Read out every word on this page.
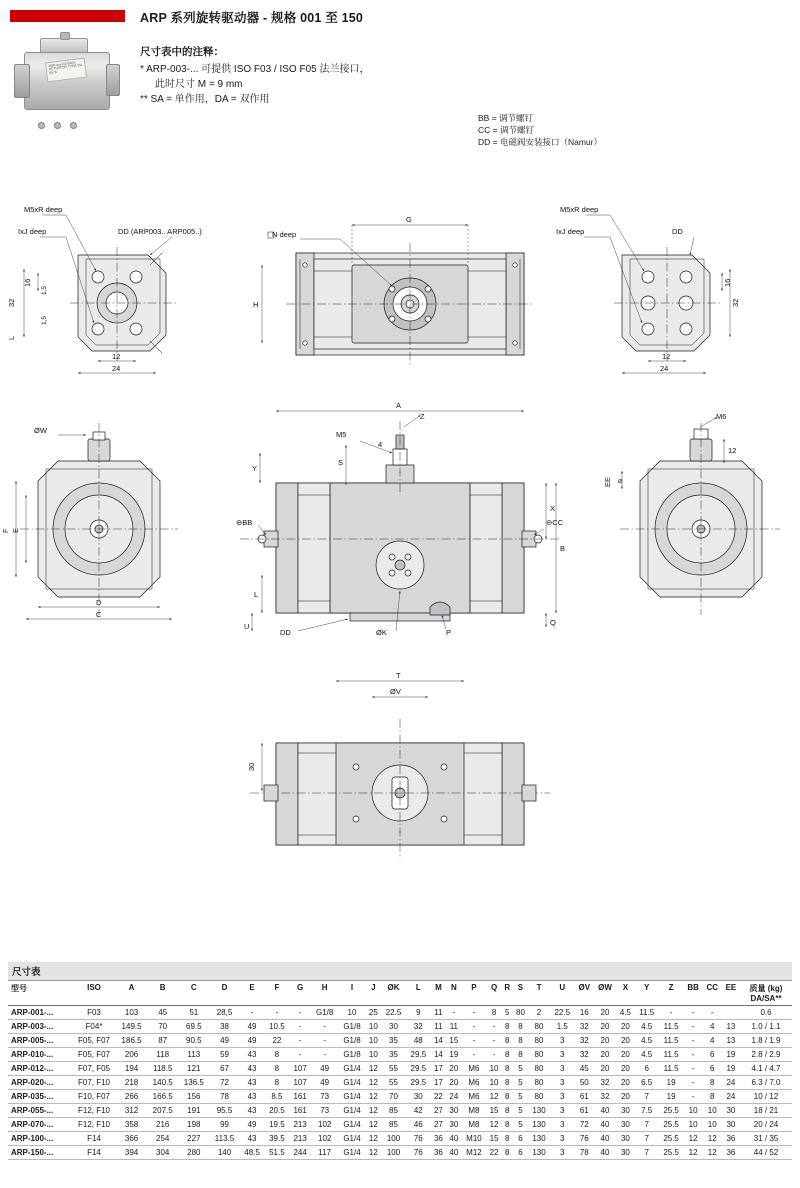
ARP-xxx ROTARY ACTUATOR TYPE DA 0579
ARP 系列旋转驱动器 - 规格 001 至 150
尺寸表中的注释：
* ARP-003-... 可提供 ISO F03 / ISO F05 法兰接口，
此时尺寸 M = 9 mm
** SA = 单作用，DA = 双作用
BB = 调节螺钉
CC = 调节螺钉
DD = 电磁阀安装接口（Namur）
M5xR deep
IxJ deep	DD (ARP003.. ARP005..)
32
16
1,5
1,5
L
12
24
G
H
N deep
M5xR deep
IxJ deep	DD
32
16
12
24
ØW
E
F
D
C
A
Z
4
S
M5
Y
X
B
Q
L
U
⊖BB	⊖CC
DD	ØK	P
M6
12
EE ⌀
T
ØV
30
尺寸表
型号	ISO	A	B	C	D	E	F	G	H	I	J	ØK	L	M	N	P	Q	R	S	T	U	ØV	ØW	X	Y	Z	BB	CC	EE	质量 (kg)
DA/SA**

ARP-001-...	F03	103	45	51	28,5	-	-	-	G1/8	10	25	22.5	9	11	-	-	8	5	80	2	22.5	16	20	4.5	11.5	-	-	-		0.6
ARP-003-...	F04*	149.5	70	69.5	38	49	10.5	-	-	G1/8	10	30	32	11	11	-	-	8	8	80	1.5	32	20	20	4.5	11.5	-	4	13	1.0 / 1.1
ARP-005-...	F05, F07	186.5	87	90.5	49	49	22	-	-	G1/8	10	35	48	14	15	-	-	8	8	80	3	32	20	20	4.5	11.5	-	4	13	1.8 / 1.9
ARP-010-...	F05, F07	206	118	113	59	43	8	-	-	G1/8	10	35	29.5	14	19	-	-	8	8	80	3	32	20	20	4.5	11.5	-	6	19	2.8 / 2.9
ARP-012-...	F07, F05	194	118.5	121	67	43	8	107	49	G1/4	12	55	29.5	17	20	M6	10	8	5	80	3	45	20	20	6	11.5	-	6	19	4.1 / 4.7
ARP-020-...	F07, F10	218	140.5	136.5	72	43	8	107	49	G1/4	12	55	29.5	17	20	M6	10	8	5	80	3	50	32	20	6.5	19	-	8	24	6.3 / 7.0
ARP-035-...	F10, F07	266	166.5	156	78	43	8.5	161	73	G1/4	12	70	30	22	24	M6	12	8	5	80	3	61	32	20	7	19	-	8	24	10 / 12
ARP-055-...	F12, F10	312	207.5	191	95.5	43	20.5	161	73	G1/4	12	85	42	27	30	M8	15	8	5	130	3	61	40	30	7.5	25.5	10	10	30	18 / 21
ARP-070-...	F12, F10	358	216	198	99	49	19.5	213	102	G1/4	12	85	46	27	30	M8	12	8	5	130	3	72	40	30	7	25.5	10	10	30	20 / 24
ARP-100-...	F14	366	254	227	113.5	43	39.5	213	102	G1/4	12	100	76	36	40	M10	15	8	6	130	3	76	40	30	7	25.5	12	12	36	31 / 35
ARP-150-...	F14	394	304	280	140	48.5	51.5	244	117	G1/4	12	100	76	36	40	M12	22	8	6	130	3	78	40	30	7	25.5	12	12	36	44 / 52
